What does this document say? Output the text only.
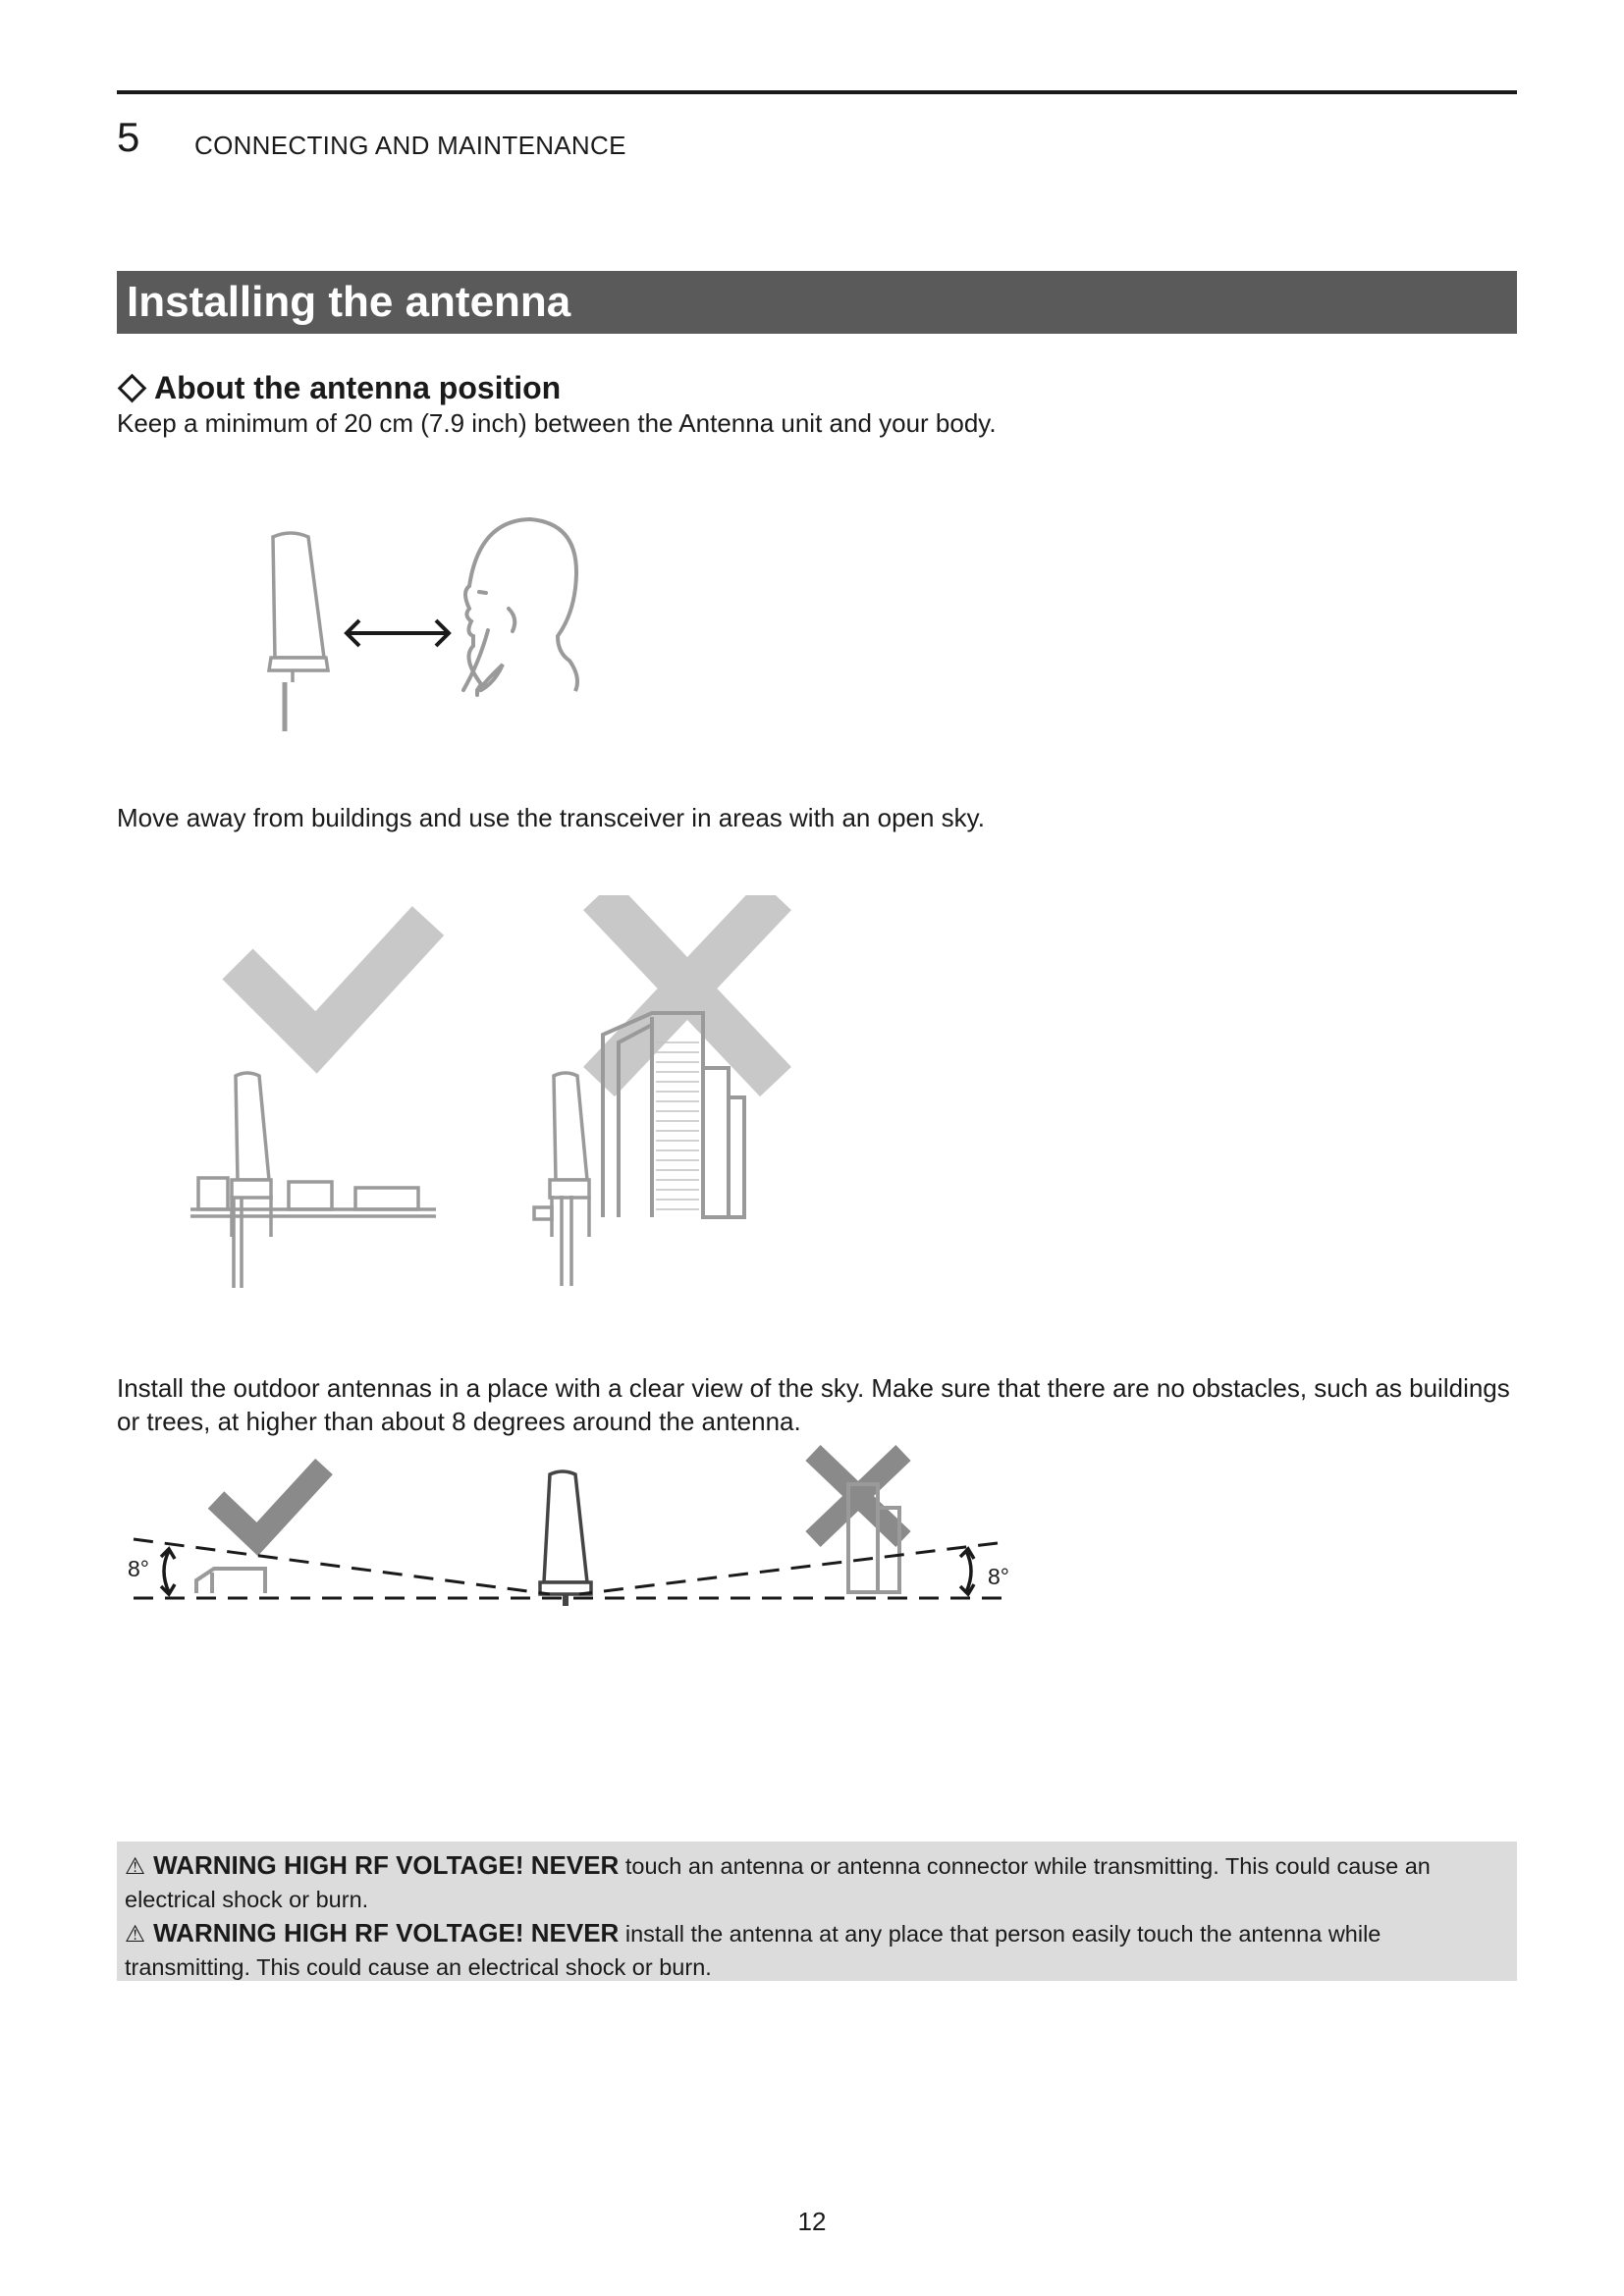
5 CONNECTING AND MAINTENANCE
Installing the antenna
About the antenna position
Keep a minimum of 20 cm (7.9 inch) between the Antenna unit and your body.
Move away from buildings and use the transceiver in areas with an open sky.
Install the outdoor antennas in a place with a clear view of the sky. Make sure that there are no obstacles, such as buildings or trees, at higher than about 8 degrees around the antenna.
8°	8°

⚠ WARNING HIGH RF VOLTAGE! NEVER touch an antenna or antenna connector while transmitting. This could cause an electrical shock or burn.

⚠ WARNING HIGH RF VOLTAGE! NEVER install the antenna at any place that person easily touch the antenna while transmitting. This could cause an electrical shock or burn.

12
